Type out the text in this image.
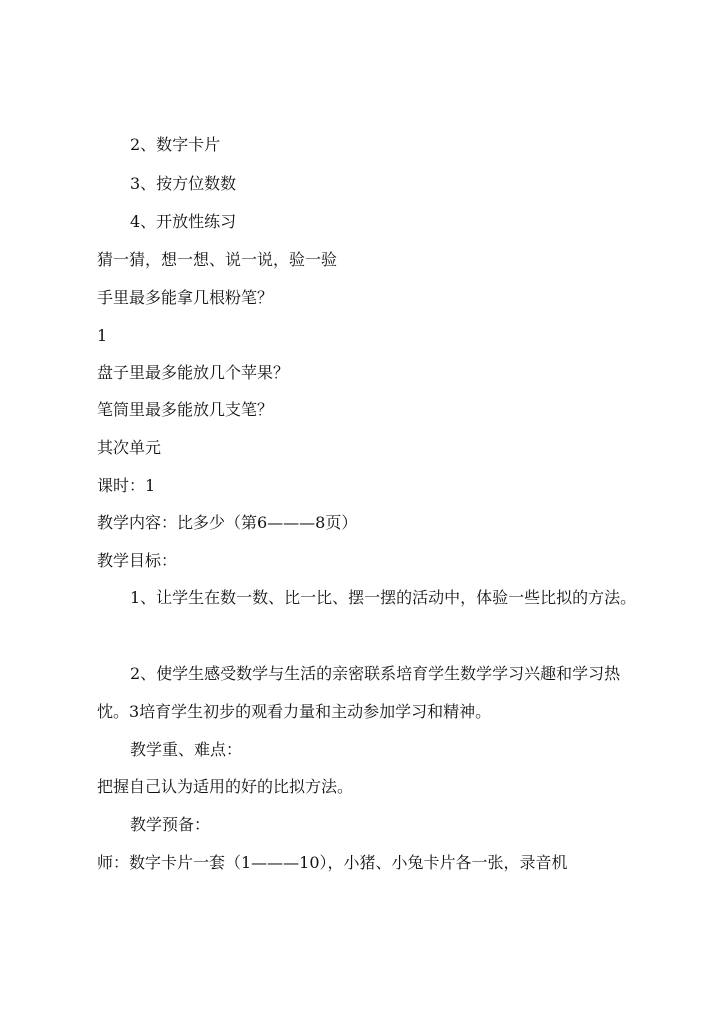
2、数字卡片
3、按方位数数
4、开放性练习
猜一猜，想一想、说一说，验一验
手里最多能拿几根粉笔？
1
盘子里最多能放几个苹果？
笔筒里最多能放几支笔？
其次单元
课时：1
教学内容：比多少（第6———8页）
教学目标：
1、让学生在数一数、比一比、摆一摆的活动中，体验一些比拟的方法。
2、使学生感受数学与生活的亲密联系培育学生数学学习兴趣和学习热忱。3培育学生初步的观看力量和主动参加学习和精神。
教学重、难点：
把握自己认为适用的好的比拟方法。
教学预备：
师：数字卡片一套（1———10），小猪、小兔卡片各一张，录音机
